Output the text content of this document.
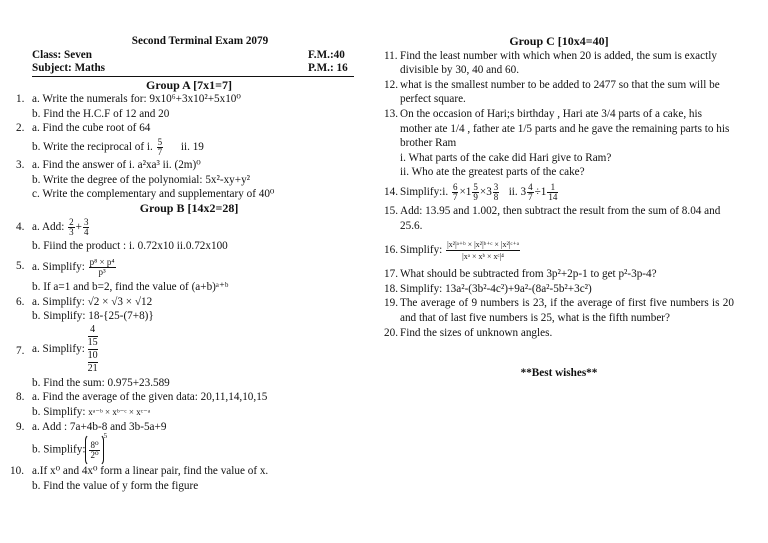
Second Terminal Exam 2079
Class: Seven	F.M.:40
Subject: Maths	P.M.: 16
Group A [7x1=7]
1. a. Write the numerals for: 9x10⁶+3x10²+5x10⁰
b. Find the H.C.F of 12 and 20
2. a. Find the cube root of 64
b. Write the reciprocal of i. $\frac{5}{7}$ ii. 19
3. a. Find the answer of i. a²xa³ ii. (2m)⁰
b. Write the degree of the polynomial: 5x²-xy+y²
c. Write the complementary and supplementary of 40⁰
Group B [14x2=28]
4. a. Add: $\frac{2}{3} + \frac{3}{4}$
b. Fiind the product : i. 0.72x10 ii.0.72x100
5. a. Simplify: $\frac{\text{p⁸ × p⁴}}{\text{p³}}$
b. If a=1 and b=2, find the value of (a+b)ᵃ⁺ᵇ
6. a. Simplify: √2 × √3 × √12
b. Simplify: 18-{25-(7+8)}
7. a. Simplify:
4
15
10
21
b. Find the sum: 0.975+23.589
8. a. Find the average of the given data: 20,11,14,10,15
b. Simplify: xᵃ⁻ᵇ × xᵇ⁻ᶜ × xᶜ⁻ᵃ
9. a. Add : 7a+4b-8 and 3b-5a+9
b. Simplify: $\frac{\text{8⁰}}{\text{2⁰}}$
$^5$
10. a.If x⁰ and 4x⁰ form a linear pair, find the value of x.
b. Find the value of y form the figure
Group C [10x4=40]
11. Find the least number with which when 20 is added, the sum is exactly divisible by 30, 40 and 60.
12. what is the smallest number to be added to 2477 so that the sum will be perfect square.
13. On the occasion of Hari;s birthday , Hari ate 3/4 parts of a cake, his mother ate 1/4 , father ate 1/5 parts and he gave the remaining parts to his brother Ram
i. What parts of the cake did Hari give to Ram?
ii. Who ate the greatest parts of the cake?
14. Simplify:i. $\frac{6}{7} \times 1 \frac{5}{9} \times 3 \frac{3}{8}$ ii. $3 \frac{4}{7} \div 1 \frac{1}{14}$
15. Add: 13.95 and 1.002, then subtract the result from the sum of 8.04 and 25.6.
16. Simplify: $\frac{\text{|x²|ᵃ⁺ᵇ × |x²|ᵇ⁺ᶜ × |x²|ᶜ⁺ᵃ}}{\text{|xᵃ × xᵇ × xᶜ|⁴}}$
17. What should be subtracted from 3p²+2p-1 to get p²-3p-4?
18. Simplify: 13a²-(3b²-4c²)+9a²-(8a²-5b²+3c²)
19. The average of 9 numbers is 23, if the average of first five numbers is 20 and that of last five numbers is 25, what is the fifth number?
20. Find the sizes of unknown angles.
**Best wishes**
